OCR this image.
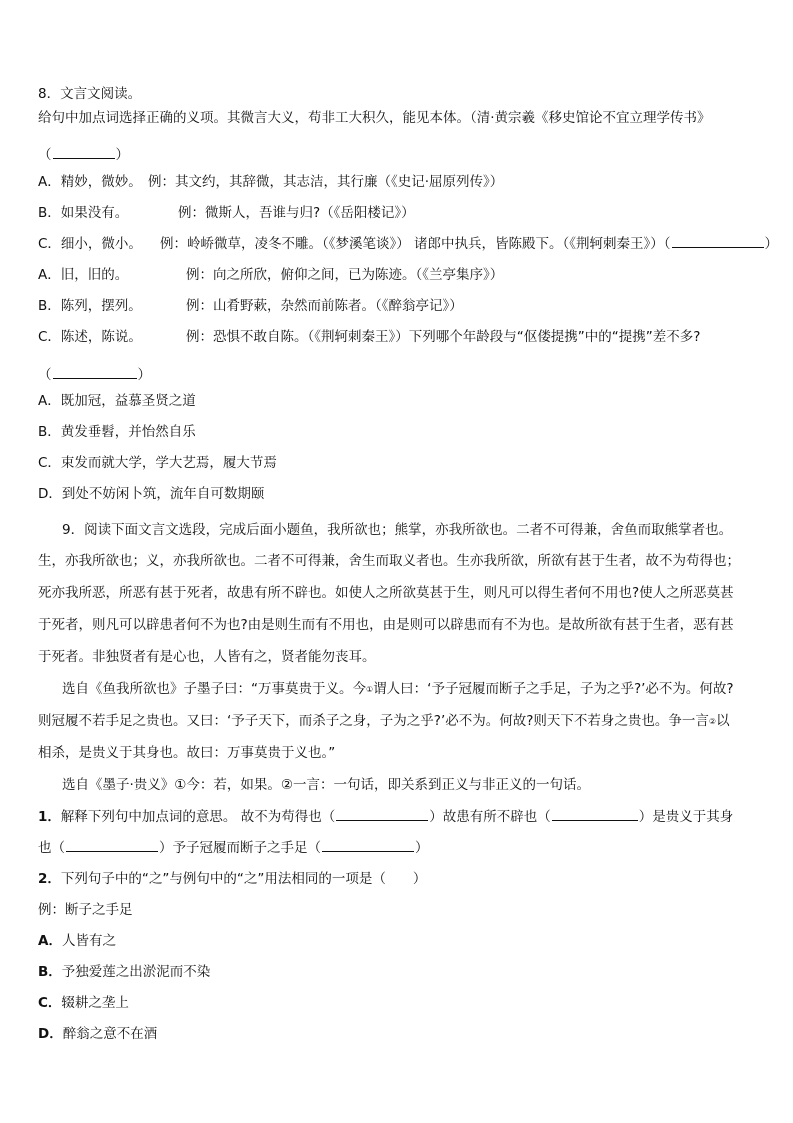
8．文言文阅读。
给句中加点词选择正确的义项。其微言大义，苟非工大积久，能见本体。（清·黄宗羲《移史馆论不宜立理学传书》
（	）
A．精妙，微妙。 例：其文约，其辞微，其志洁，其行廉（《史记·屈原列传》）
B．如果没有。	例：微斯人，吾谁与归?（《岳阳楼记》）
C．细小，微小。 例：岭峤微草，凌冬不雕。（《梦溪笔谈》） 诸郎中执兵，皆陈殿下。（《荆轲刺秦王》）（	）
A．旧，旧的。	例：向之所欣，俯仰之间，已为陈迹。（《兰亭集序》）
B．陈列，摆列。	例：山肴野蔌，杂然而前陈者。（《醉翁亭记》）
C．陈述，陈说。	例：恐惧不敢自陈。（《荆轲刺秦王》）下列哪个年龄段与“伛偻提携”中的“提携”差不多?
（	）
A．既加冠，益慕圣贤之道
B．黄发垂髫，并怡然自乐
C．束发而就大学，学大艺焉，履大节焉
D．到处不妨闲卜筑，流年自可数期颐
9．阅读下面文言文选段，完成后面小题鱼，我所欲也；熊掌，亦我所欲也。二者不可得兼，舍鱼而取熊掌者也。
生，亦我所欲也；义，亦我所欲也。二者不可得兼，舍生而取义者也。生亦我所欲，所欲有甚于生者，故不为苟得也；
死亦我所恶，所恶有甚于死者，故患有所不辟也。如使人之所欲莫甚于生，则凡可以得生者何不用也?使人之所恶莫甚
于死者，则凡可以辟患者何不为也?由是则生而有不用也，由是则可以辟患而有不为也。是故所欲有甚于生者，恶有甚
于死者。非独贤者有是心也，人皆有之，贤者能勿丧耳。
选自《鱼我所欲也》子墨子曰：“万事莫贵于义。今①谓人曰：‘予子冠履而断子之手足，子为之乎?’必不为。何故?
则冠履不若手足之贵也。又曰：‘予子天下，而杀子之身，子为之乎?’必不为。何故?则天下不若身之贵也。争一言②以
相杀，是贵义于其身也。故曰：万事莫贵于义也。”
选自《墨子·贵义》①今：若，如果。②一言：一句话，即关系到正义与非正义的一句话。
1．解释下列句中加点词的意思。 故不为苟得也（	）故患有所不辟也（	）是贵义于其身
也（	）予子冠履而断子之手足（	）
2．下列句子中的“之”与例句中的“之”用法相同的一项是（　　）
例：断子之手足
A．人皆有之
B．予独爱莲之出淤泥而不染
C．辍耕之垄上
D．醉翁之意不在酒
